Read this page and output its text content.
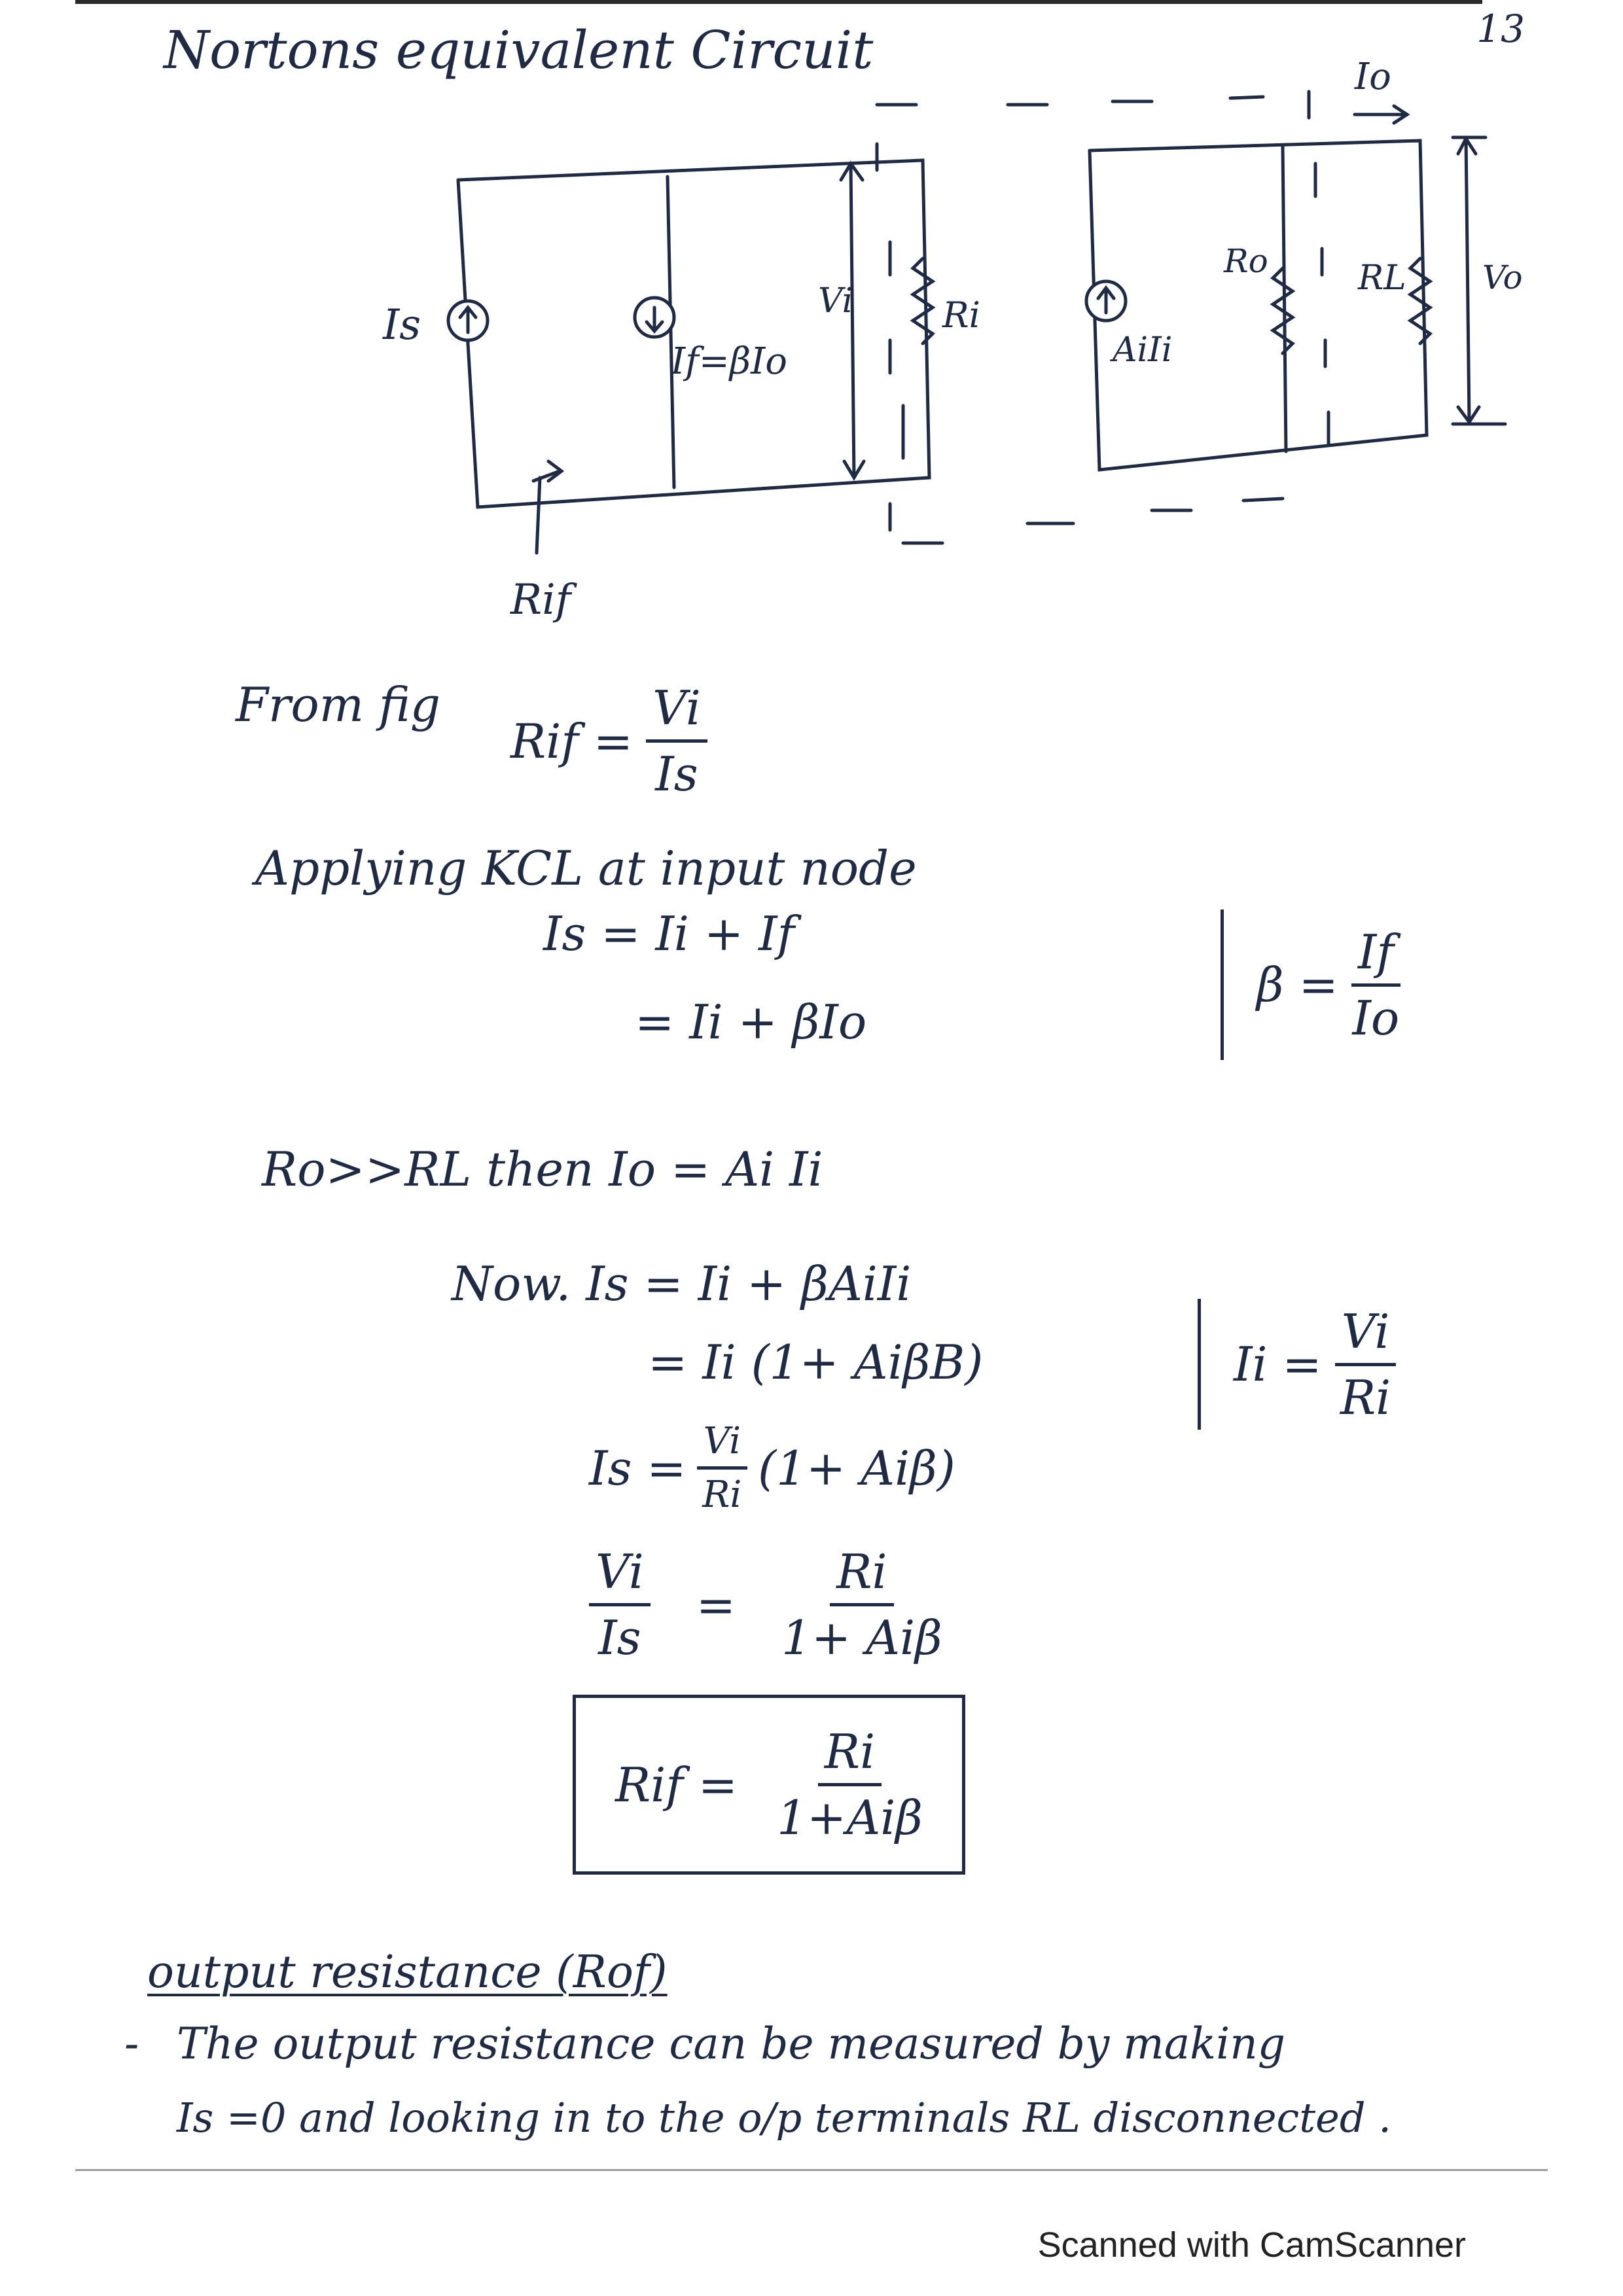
13
Nortons equivalent Circuit
Is
If=βIo
Vi	Ri
AiIi
Ro	RL Vo
Io
Rif
From fig
Rif = $\frac{Vi}{Is}$
Applying KCL at input node
Is = Ii + If
= Ii + βIo
$\beta = \frac{If}{Io}$
Ro>>RL then Io = Ai Ii
Now. Is = Ii + βAiIi
= Ii (1+ AiβB)	$Ii = \frac{Vi}{Ri}$
$Is = \frac{Vi}{Ri} (1+ Ai\beta)$
$\frac{Vi}{Is} = \frac{Ri}{\text{1+ Aiβ}}$
Rif = $\frac{Ri}{\text{1+Aiβ}}$
output resistance (Rof)
- The output resistance can be measured by making
Is =0 and looking in to the o/p terminals RL disconnected .
Scanned with CamScanner
